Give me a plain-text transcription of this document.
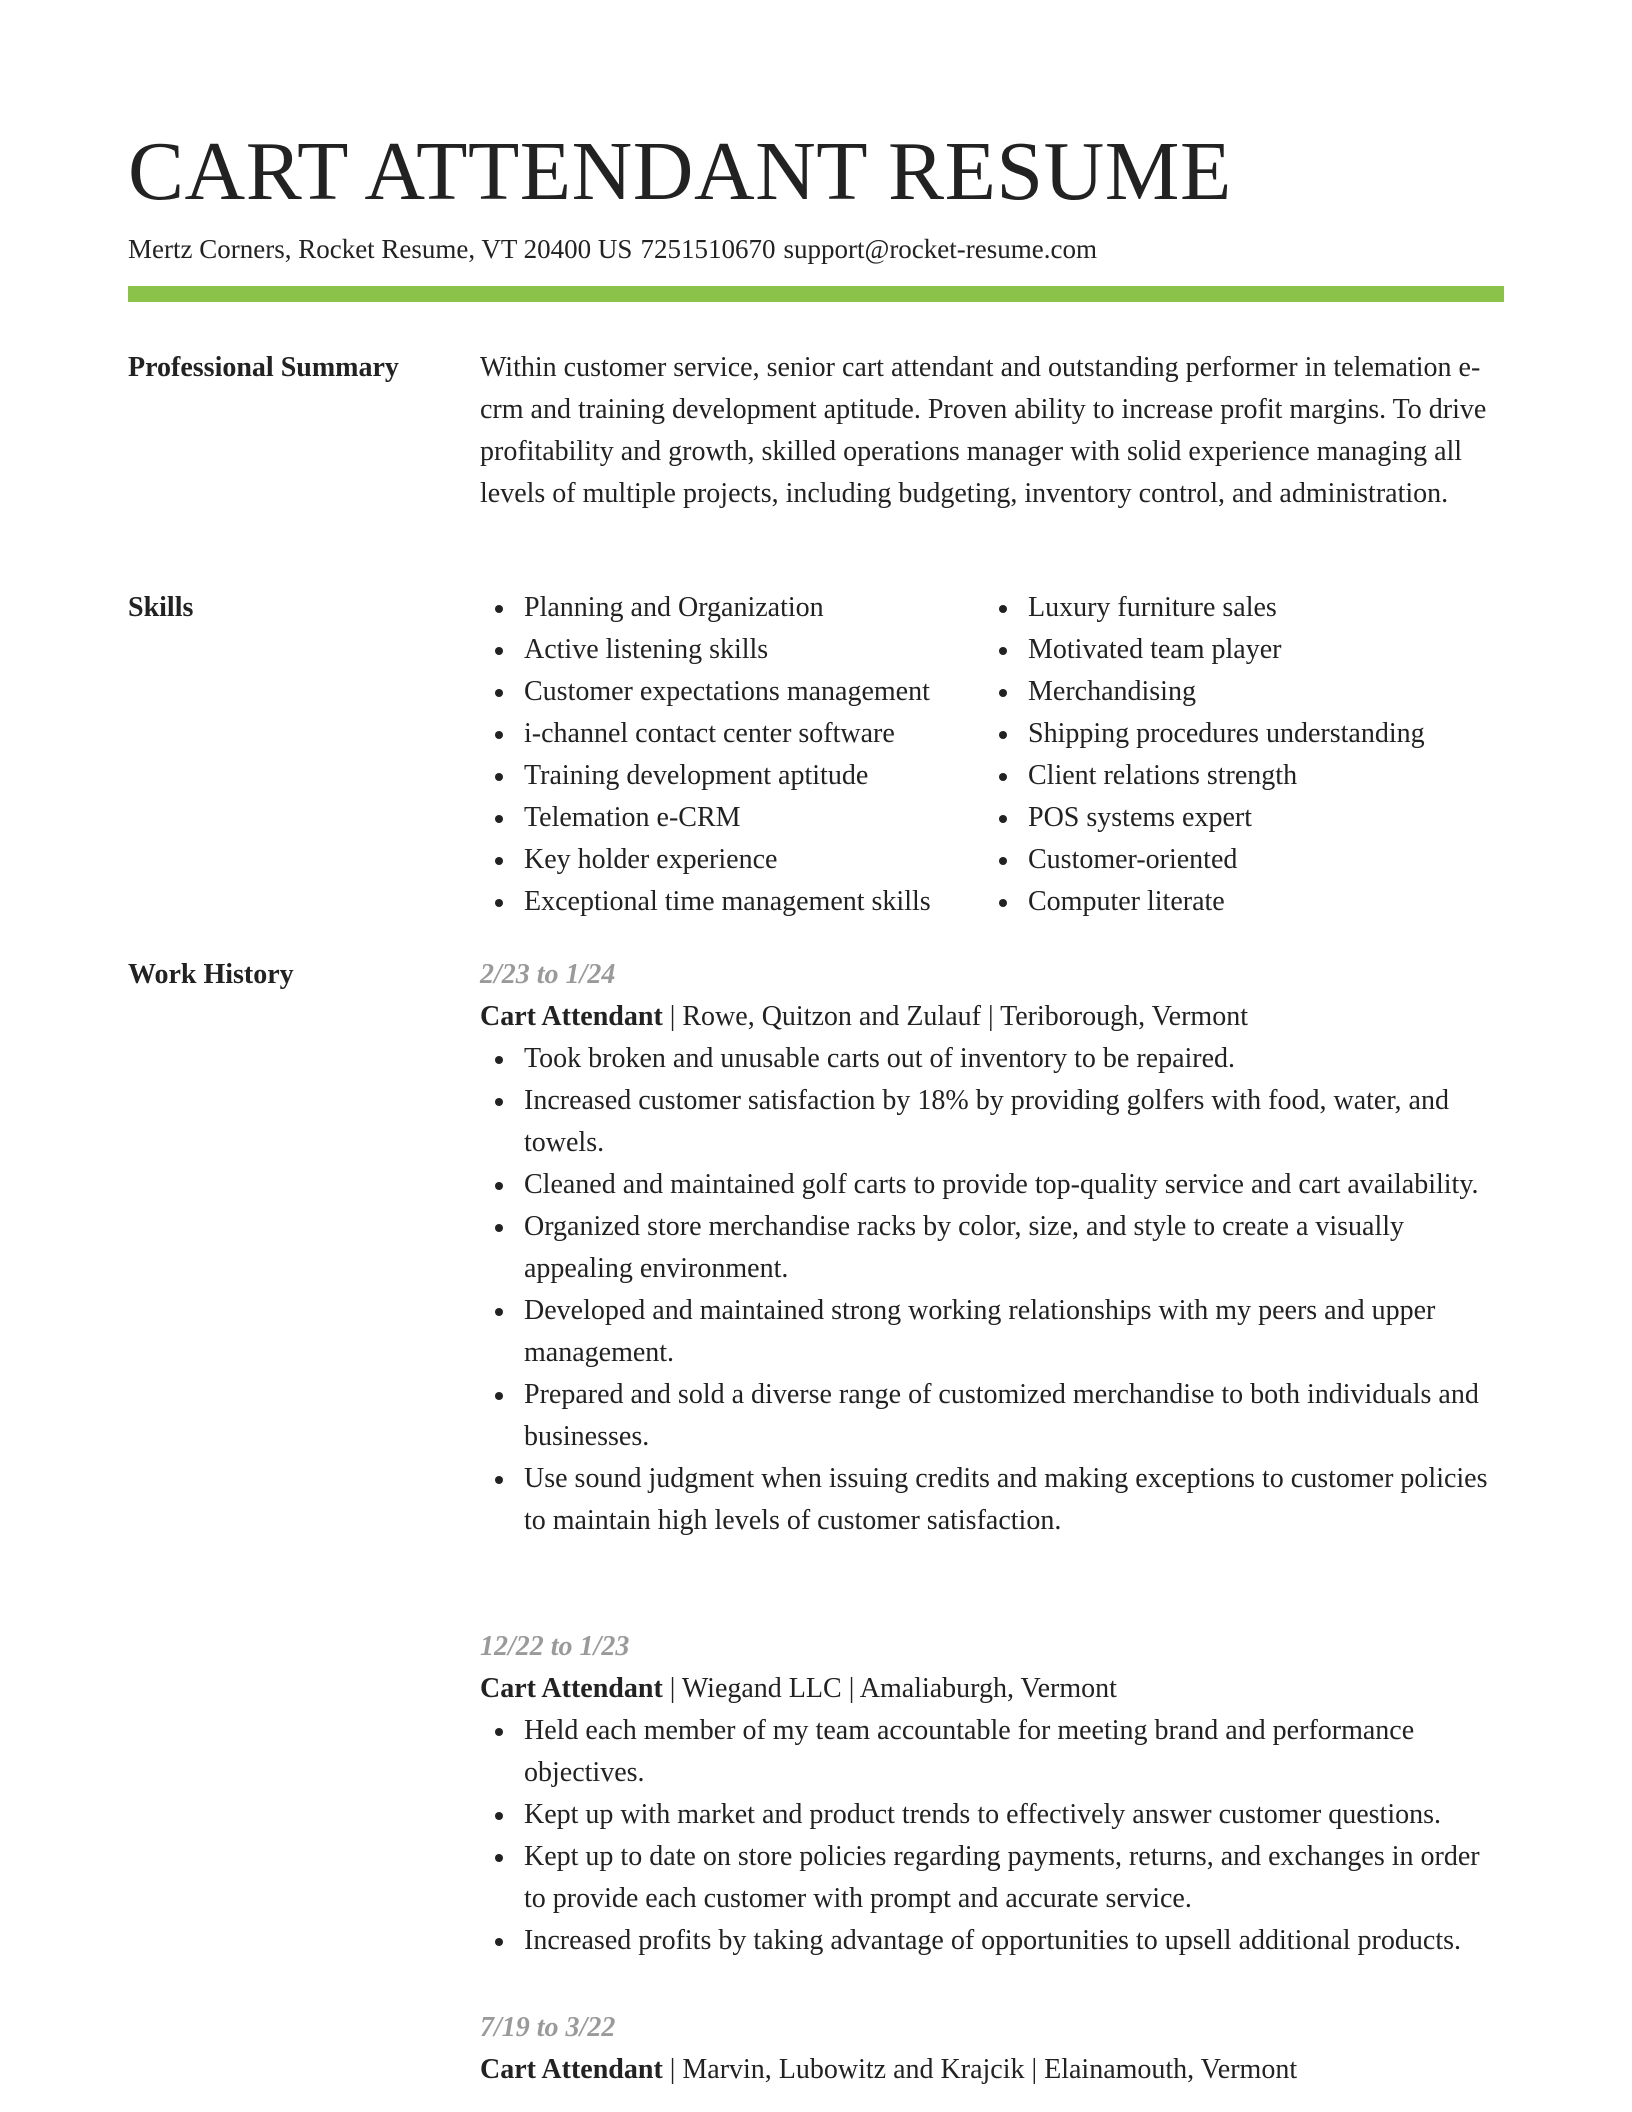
CART ATTENDANT RESUME
Mertz Corners, Rocket Resume, VT 20400 US 7251510670 support@rocket-resume.com
Professional Summary	Within customer service, senior cart attendant and outstanding performer in telemation e-crm and training development aptitude. Proven ability to increase profit margins. To drive profitability and growth, skilled operations manager with solid experience managing all levels of multiple projects, including budgeting, inventory control, and administration.

Skills	Planning and Organization
Active listening skills
Customer expectations management
i-channel contact center software
Training development aptitude
Telemation e-CRM
Key holder experience
Exceptional time management skills
Luxury furniture sales
Motivated team player
Merchandising
Shipping procedures understanding
Client relations strength
POS systems expert
Customer-oriented
Computer literate
Work History	2/23 to 1/24
Cart Attendant | Rowe, Quitzon and Zulauf | Teriborough, Vermont
Took broken and unusable carts out of inventory to be repaired.
Increased customer satisfaction by 18% by providing golfers with food, water, and towels.
Cleaned and maintained golf carts to provide top-quality service and cart availability.
Organized store merchandise racks by color, size, and style to create a visually appealing environment.
Developed and maintained strong working relationships with my peers and upper management.
Prepared and sold a diverse range of customized merchandise to both individuals and businesses.
Use sound judgment when issuing credits and making exceptions to customer policies to maintain high levels of customer satisfaction.
12/22 to 1/23
Cart Attendant | Wiegand LLC | Amaliaburgh, Vermont
Held each member of my team accountable for meeting brand and performance objectives.
Kept up with market and product trends to effectively answer customer questions.
Kept up to date on store policies regarding payments, returns, and exchanges in order to provide each customer with prompt and accurate service.
Increased profits by taking advantage of opportunities to upsell additional products.
7/19 to 3/22
Cart Attendant | Marvin, Lubowitz and Krajcik | Elainamouth, Vermont
